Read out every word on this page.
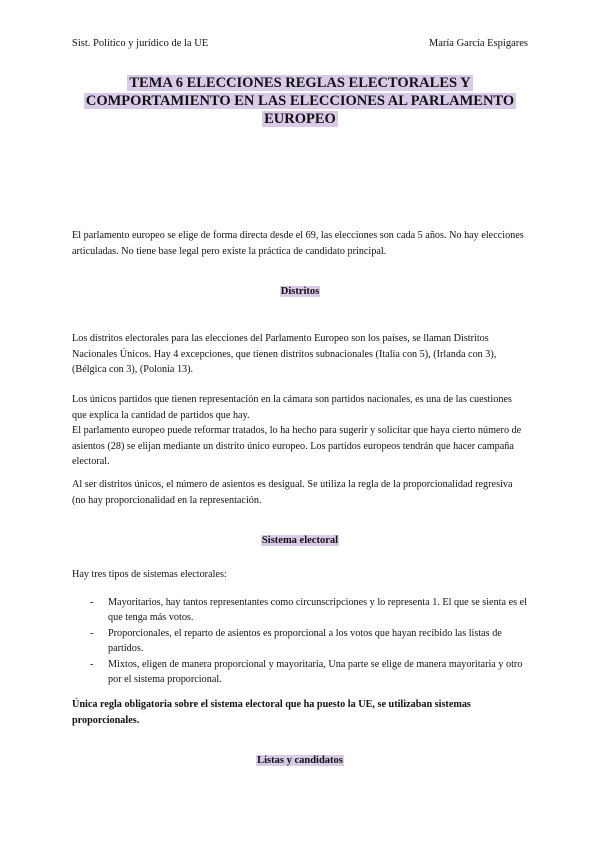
Sist. Político y jurídico de la UE	María García Espigares
TEMA 6 ELECCIONES REGLAS ELECTORALES Y
COMPORTAMIENTO EN LAS ELECCIONES AL PARLAMENTO
EUROPEO

El parlamento europeo se elige de forma directa desde el 69, las elecciones son cada 5 años. No hay elecciones articuladas. No tiene base legal pero existe la práctica de candidato principal.

Distritos

Los distritos electorales para las elecciones del Parlamento Europeo son los países, se llaman Distritos Nacionales Únicos. Hay 4 excepciones, que tienen distritos subnacionales (Italia con 5), (Irlanda con 3), (Bélgica con 3), (Polonia 13).

Los únicos partidos que tienen representación en la cámara son partidos nacionales, es una de las cuestiones que explica la cantidad de partidos que hay.

El parlamento europeo puede reformar tratados, lo ha hecho para sugerir y solicitar que haya cierto número de asientos (28) se elijan mediante un distrito único europeo. Los partidos europeos tendrán que hacer campaña electoral.

Al ser distritos únicos, el número de asientos es desigual. Se utiliza la regla de la proporcionalidad regresiva (no hay proporcionalidad en la representación.

Sistema electoral

Hay tres tipos de sistemas electorales:

- Mayoritarios, hay tantos representantes como circunscripciones y lo representa 1. El que se sienta es el que tenga más votos.
- Proporcionales, el reparto de asientos es proporcional a los votos que hayan recibido las listas de partidos.
- Mixtos, eligen de manera proporcional y mayoritaria, Una parte se elige de manera mayoritaria y otro por el sistema proporcional.

Única regla obligatoria sobre el sistema electoral que ha puesto la UE, se utilizaban sistemas proporcionales.

Listas y candidatos
